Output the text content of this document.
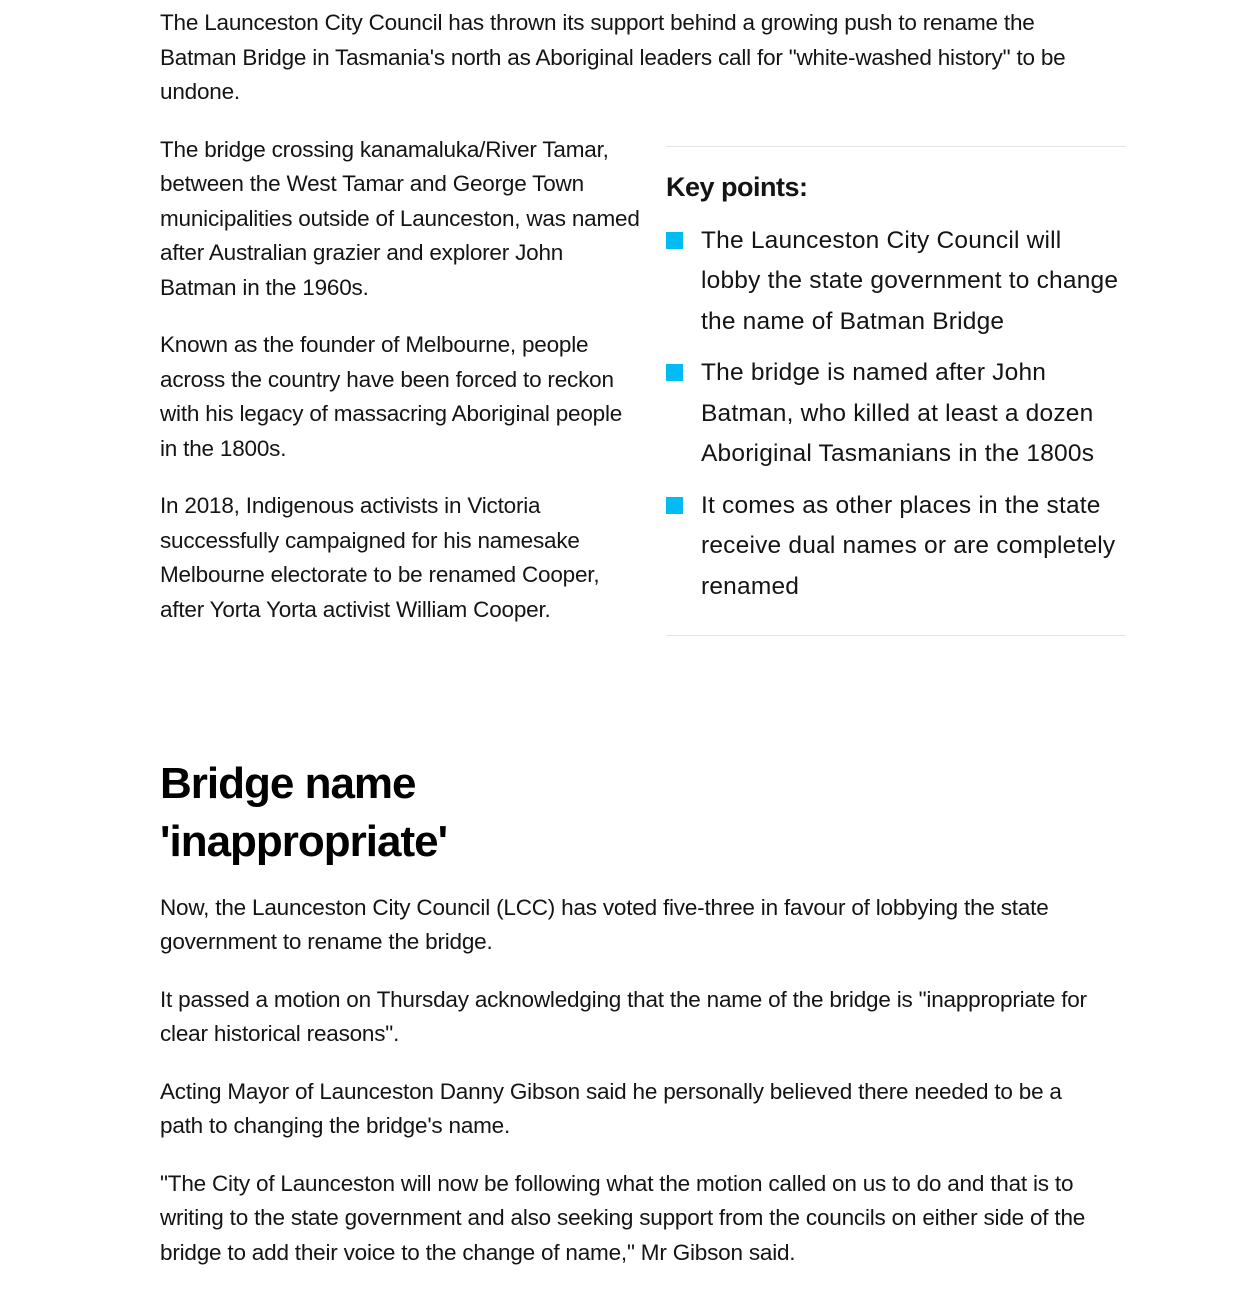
The Launceston City Council has thrown its support behind a growing push to rename the Batman Bridge in Tasmania's north as Aboriginal leaders call for "white-washed history" to be undone.

The bridge crossing kanamaluka/River Tamar, between the West Tamar and George Town municipalities outside of Launceston, was named after Australian grazier and explorer John Batman in the 1960s.

Known as the founder of Melbourne, people across the country have been forced to reckon with his legacy of massacring Aboriginal people in the 1800s.

In 2018, Indigenous activists in Victoria successfully campaigned for his namesake Melbourne electorate to be renamed Cooper, after Yorta Yorta activist William Cooper.

Key points:
The Launceston City Council will lobby the state government to change the name of Batman Bridge
The bridge is named after John Batman, who killed at least a dozen Aboriginal Tasmanians in the 1800s
It comes as other places in the state receive dual names or are completely renamed
Bridge name 'inappropriate'

Now, the Launceston City Council (LCC) has voted five-three in favour of lobbying the state government to rename the bridge.

It passed a motion on Thursday acknowledging that the name of the bridge is "inappropriate for clear historical reasons".

Acting Mayor of Launceston Danny Gibson said he personally believed there needed to be a path to changing the bridge's name.

"The City of Launceston will now be following what the motion called on us to do and that is to writing to the state government and also seeking support from the councils on either side of the bridge to add their voice to the change of name," Mr Gibson said.
